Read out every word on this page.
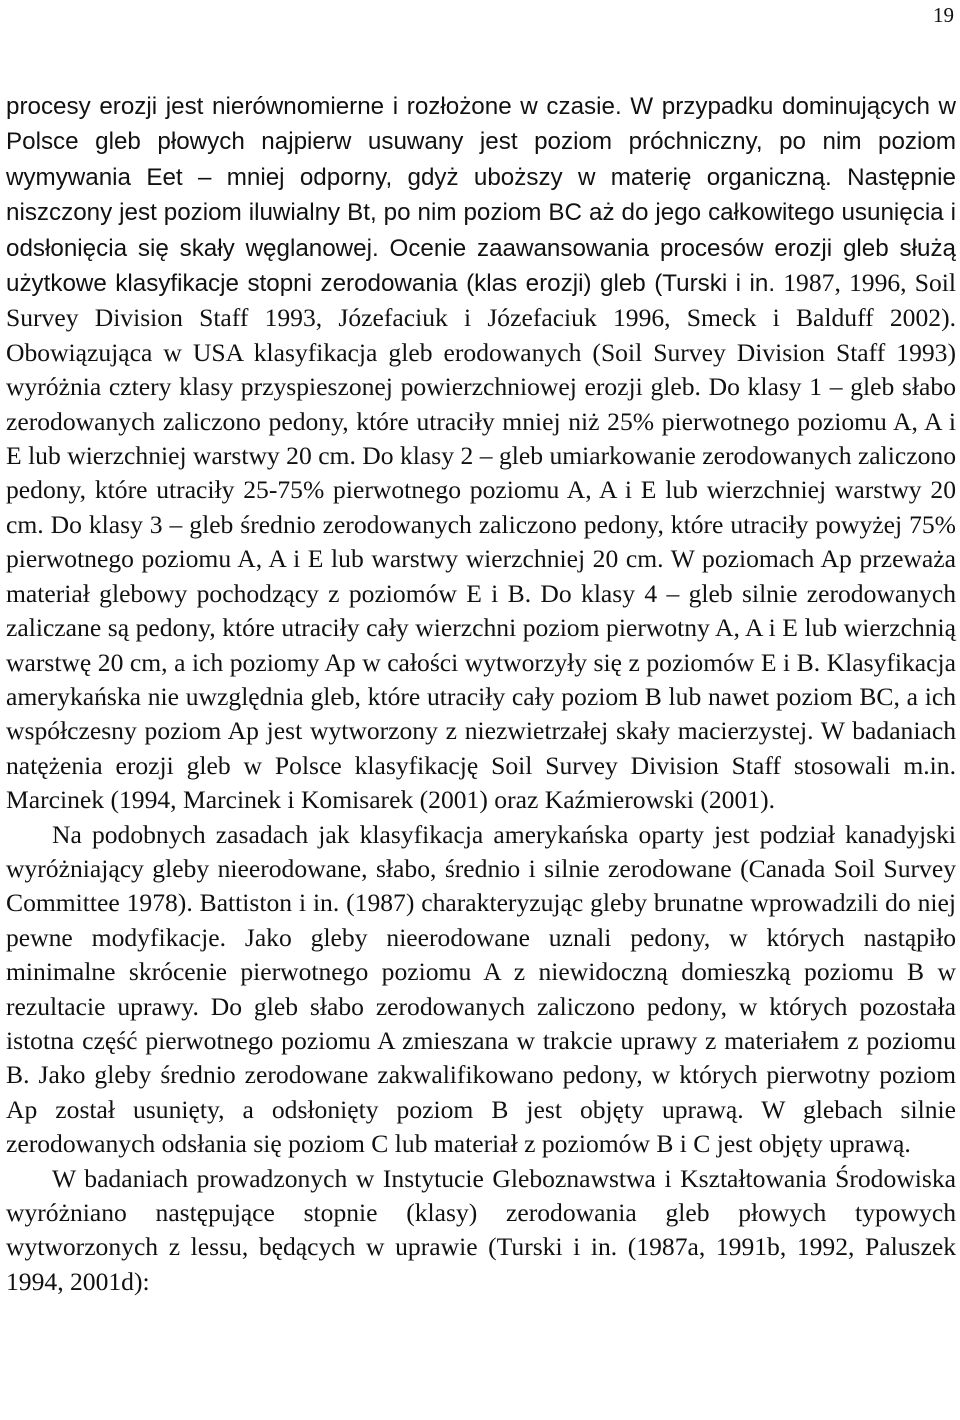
19

procesy erozji jest nierównomierne i rozłożone w czasie. W przypadku dominujących w Polsce gleb płowych najpierw usuwany jest poziom próchniczny, po nim poziom wymywania Eet – mniej odporny, gdyż uboższy w materię organiczną. Następnie niszczony jest poziom iluwialny Bt, po nim poziom BC aż do jego całkowitego usunięcia i odsłonięcia się skały węglanowej. Ocenie zaawansowania procesów erozji gleb służą użytkowe klasyfikacje stopni zerodowania (klas erozji) gleb (Turski i in. 1987, 1996, Soil Survey Division Staff 1993, Józefaciuk i Józefaciuk 1996, Smeck i Balduff 2002). Obowiązująca w USA klasyfikacja gleb erodowanych (Soil Survey Division Staff 1993) wyróżnia cztery klasy przyspieszonej powierzchniowej erozji gleb. Do klasy 1 – gleb słabo zerodowanych zaliczono pedony, które utraciły mniej niż 25% pierwotnego poziomu A, A i E lub wierzchniej warstwy 20 cm. Do klasy 2 – gleb umiarkowanie zerodowanych zaliczono pedony, które utraciły 25-75% pierwotnego poziomu A, A i E lub wierzchniej warstwy 20 cm. Do klasy 3 – gleb średnio zerodowanych zaliczono pedony, które utraciły powyżej 75% pierwotnego poziomu A, A i E lub warstwy wierzchniej 20 cm. W poziomach Ap przeważa materiał glebowy pochodzący z poziomów E i B. Do klasy 4 – gleb silnie zerodowanych zaliczane są pedony, które utraciły cały wierzchni poziom pierwotny A, A i E lub wierzchnią warstwę 20 cm, a ich poziomy Ap w całości wytworzyły się z poziomów E i B. Klasyfikacja amerykańska nie uwzględnia gleb, które utraciły cały poziom B lub nawet poziom BC, a ich współczesny poziom Ap jest wytworzony z niezwietrzałej skały macierzystej. W badaniach natężenia erozji gleb w Polsce klasyfikację Soil Survey Division Staff stosowali m.in. Marcinek (1994, Marcinek i Komisarek (2001) oraz Kaźmierowski (2001).

Na podobnych zasadach jak klasyfikacja amerykańska oparty jest podział kanadyjski wyróżniający gleby nieerodowane, słabo, średnio i silnie zerodowane (Canada Soil Survey Committee 1978). Battiston i in. (1987) charakteryzując gleby brunatne wprowadzili do niej pewne modyfikacje. Jako gleby nieerodowane uznali pedony, w których nastąpiło minimalne skrócenie pierwotnego poziomu A z niewidoczną domieszką poziomu B w rezultacie uprawy. Do gleb słabo zerodowanych zaliczono pedony, w których pozostała istotna część pierwotnego poziomu A zmieszana w trakcie uprawy z materiałem z poziomu B. Jako gleby średnio zerodowane zakwalifikowano pedony, w których pierwotny poziom Ap został usunięty, a odsłonięty poziom B jest objęty uprawą. W glebach silnie zerodowanych odsłania się poziom C lub materiał z poziomów B i C jest objęty uprawą.

W badaniach prowadzonych w Instytucie Gleboznawstwa i Kształtowania Środowiska wyróżniano następujące stopnie (klasy) zerodowania gleb płowych typowych wytworzonych z lessu, będących w uprawie (Turski i in. (1987a, 1991b, 1992, Paluszek 1994, 2001d):
